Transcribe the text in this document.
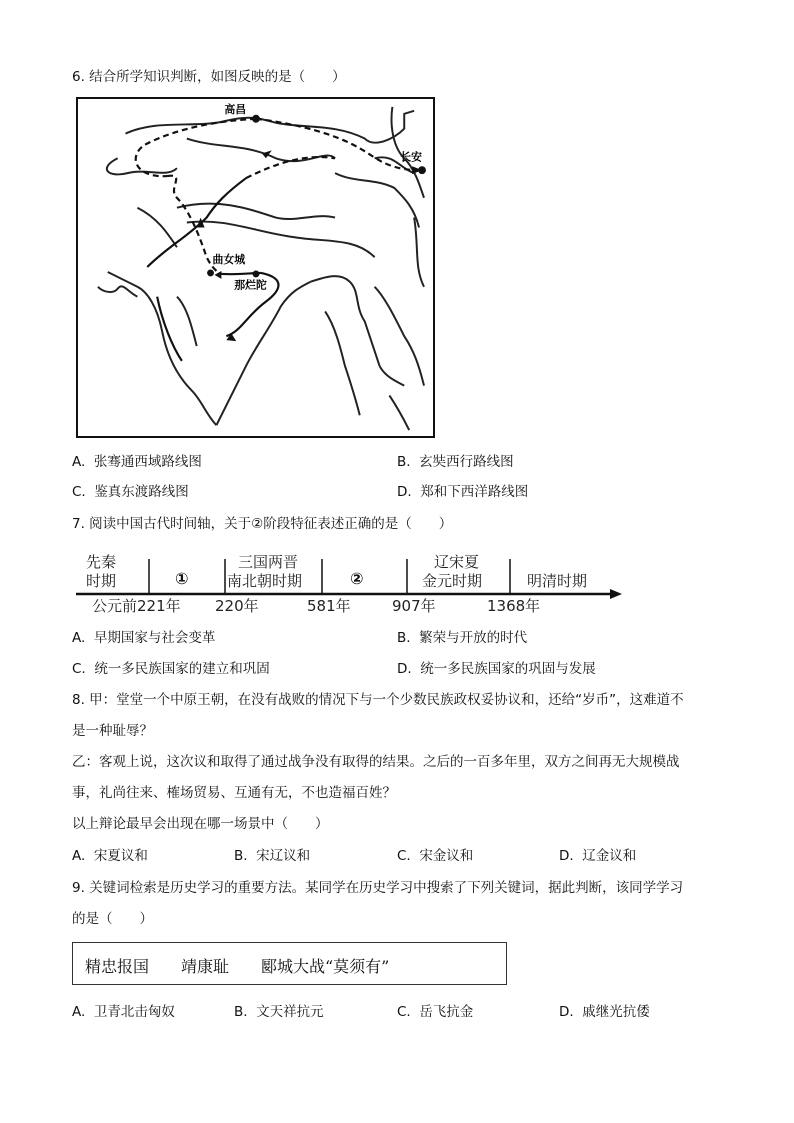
6. 结合所学知识判断，如图反映的是（　　）
高昌
长安
曲女城
那烂陀
A. 张骞通西域路线图	B. 玄奘西行路线图
C. 鉴真东渡路线图	D. 郑和下西洋路线图
7. 阅读中国古代时间轴，关于②阶段特征表述正确的是（　　）
先秦
时期	①
三国两晋
南北朝时期	②
辽宋夏
金元时期	明清时期
公元前221年 220年	581年	907年	1368年
A. 早期国家与社会变革	B. 繁荣与开放的时代
C. 统一多民族国家的建立和巩固	D. 统一多民族国家的巩固与发展
8. 甲：堂堂一个中原王朝，在没有战败的情况下与一个少数民族政权妥协议和，还给“岁币”，这难道不
是一种耻辱？
乙：客观上说，这次议和取得了通过战争没有取得的结果。之后的一百多年里，双方之间再无大规模战
事，礼尚往来、榷场贸易、互通有无，不也造福百姓？
以上辩论最早会出现在哪一场景中（　　）
A. 宋夏议和	B. 宋辽议和	C. 宋金议和	D. 辽金议和
9. 关键词检索是历史学习的重要方法。某同学在历史学习中搜索了下列关键词，据此判断，该同学学习
的是（　　）
精忠报国　　靖康耻　　郾城大战“莫须有”
A. 卫青北击匈奴	B. 文天祥抗元	C. 岳飞抗金	D. 戚继光抗倭
